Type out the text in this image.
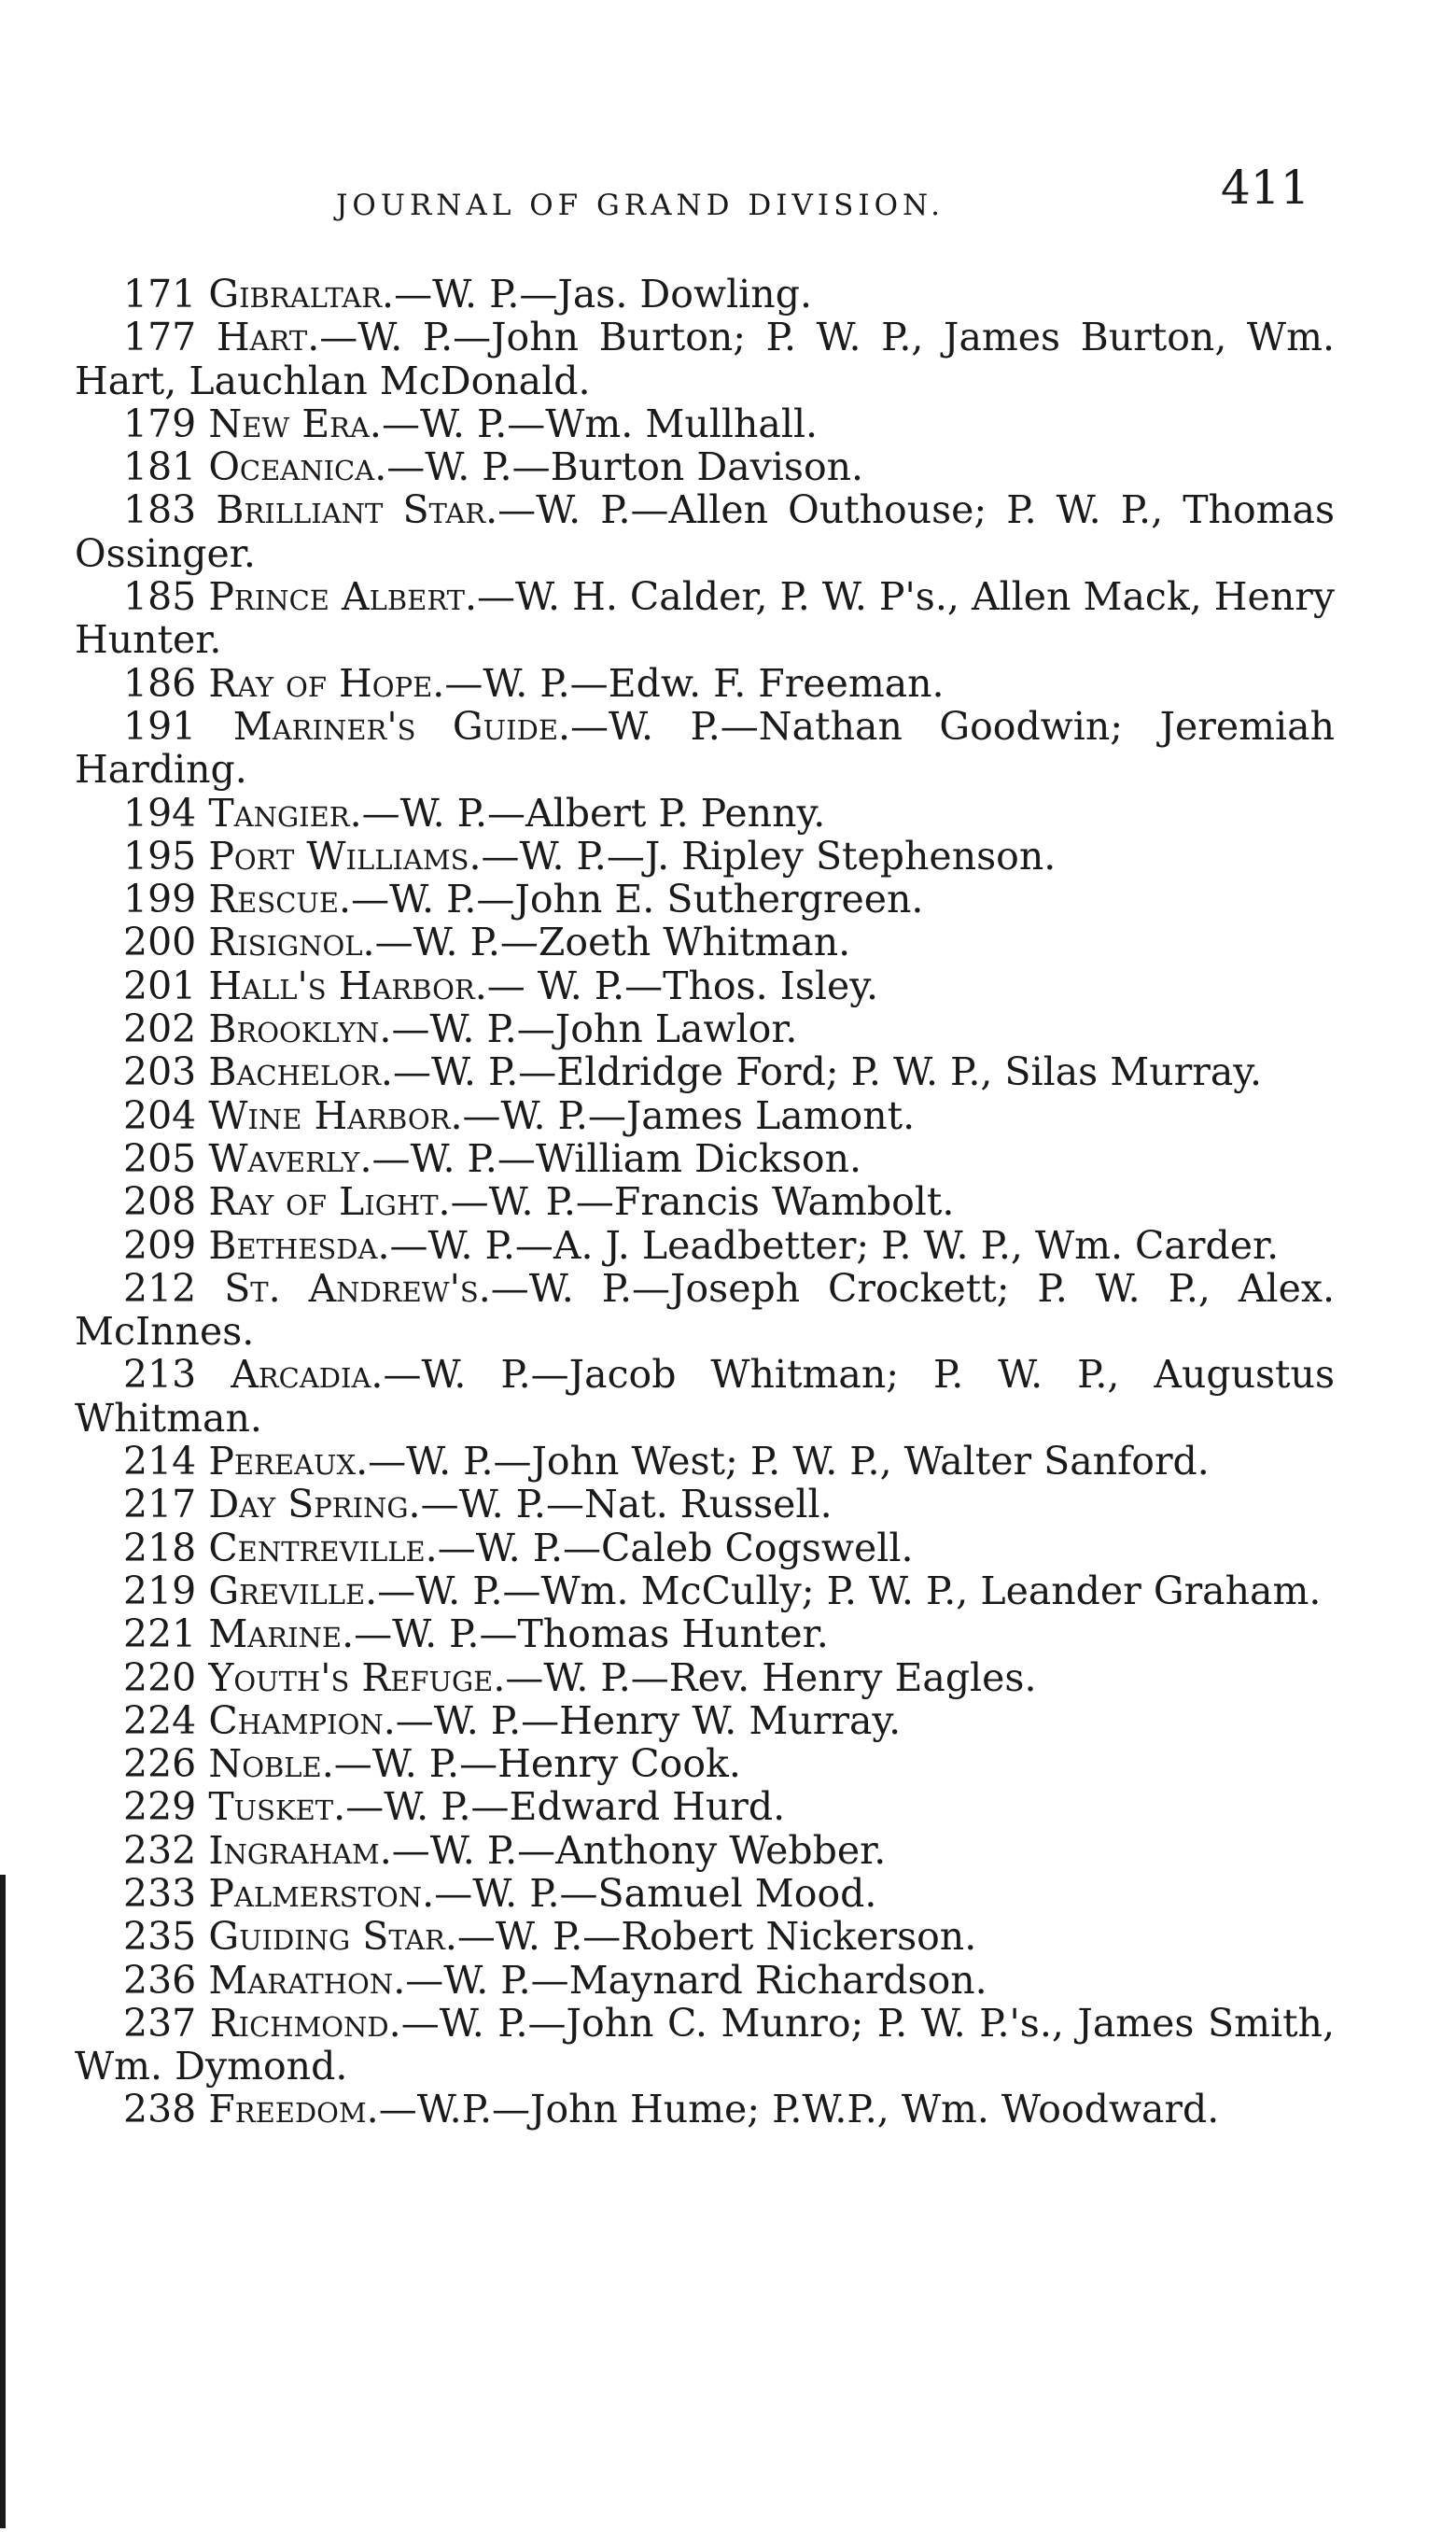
JOURNAL OF GRAND DIVISION.	411

171 Gibraltar.—W. P.—Jas. Dowling.

177 Hart.—W. P.—John Burton; P. W. P., James Burton, Wm. Hart, Lauchlan McDonald.

179 New Era.—W. P.—Wm. Mullhall.

181 Oceanica.—W. P.—Burton Davison.

183 Brilliant Star.—W. P.—Allen Outhouse; P. W. P., Thomas Ossinger.

185 Prince Albert.—W. H. Calder, P. W. P's., Allen Mack, Henry Hunter.

186 Ray of Hope.—W. P.—Edw. F. Freeman.

191 Mariner's Guide.—W. P.—Nathan Goodwin; Jeremiah Harding.

194 Tangier.—W. P.—Albert P. Penny.

195 Port Williams.—W. P.—J. Ripley Stephenson.

199 Rescue.—W. P.—John E. Suthergreen.

200 Risignol.—W. P.—Zoeth Whitman.

201 Hall's Harbor.— W. P.—Thos. Isley.

202 Brooklyn.—W. P.—John Lawlor.

203 Bachelor.—W. P.—Eldridge Ford; P. W. P., Silas Murray.

204 Wine Harbor.—W. P.—James Lamont.

205 Waverly.—W. P.—William Dickson.

208 Ray of Light.—W. P.—Francis Wambolt.

209 Bethesda.—W. P.—A. J. Leadbetter; P. W. P., Wm. Carder.

212 St. Andrew's.—W. P.—Joseph Crockett; P. W. P., Alex. McInnes.

213 Arcadia.—W. P.—Jacob Whitman; P. W. P., Augustus Whitman.

214 Pereaux.—W. P.—John West; P. W. P., Walter Sanford.

217 Day Spring.—W. P.—Nat. Russell.

218 Centreville.—W. P.—Caleb Cogswell.

219 Greville.—W. P.—Wm. McCully; P. W. P., Leander Graham.

221 Marine.—W. P.—Thomas Hunter.

220 Youth's Refuge.—W. P.—Rev. Henry Eagles.

224 Champion.—W. P.—Henry W. Murray.

226 Noble.—W. P.—Henry Cook.

229 Tusket.—W. P.—Edward Hurd.

232 Ingraham.—W. P.—Anthony Webber.

233 Palmerston.—W. P.—Samuel Mood.

235 Guiding Star.—W. P.—Robert Nickerson.

236 Marathon.—W. P.—Maynard Richardson.

237 Richmond.—W. P.—John C. Munro; P. W. P.'s., James Smith, Wm. Dymond.

238 Freedom.—W.P.—John Hume; P.W.P., Wm. Woodward.
